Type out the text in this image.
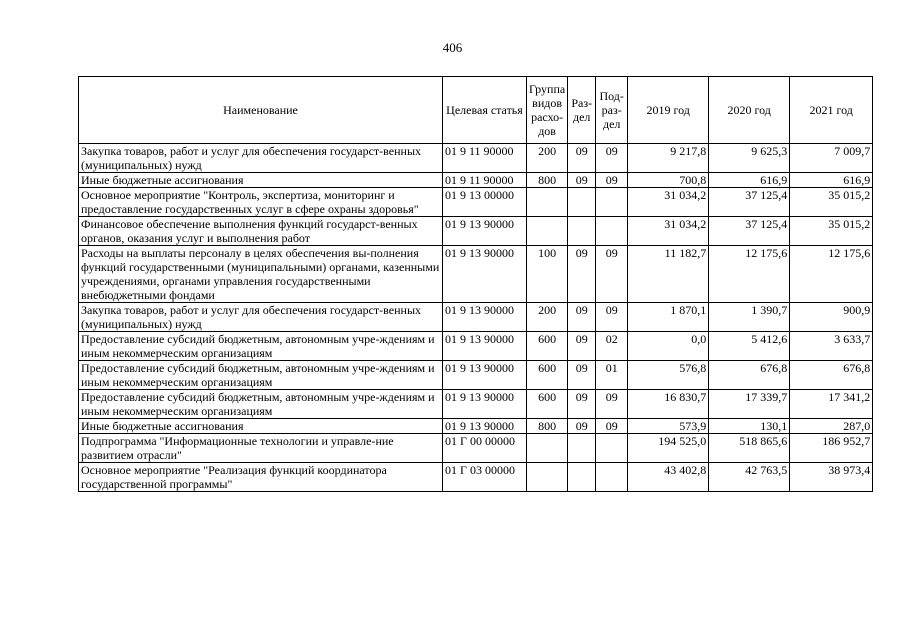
406
Наименование	Целевая статья	Группа видов расхо-дов	Раз-дел	Под-раз-дел	2019 год	2020 год	2021 год
Закупка товаров, работ и услуг для обеспечения государст-венных (муниципальных) нужд	01 9 11 90000	200	09	09	9 217,8	9 625,3	7 009,7
Иные бюджетные ассигнования	01 9 11 90000	800	09	09	700,8	616,9	616,9
Основное мероприятие "Контроль, экспертиза, мониторинг и предоставление государственных услуг в сфере охраны здоровья"	01 9 13 00000				31 034,2	37 125,4	35 015,2
Финансовое обеспечение выполнения функций государст-венных органов, оказания услуг и выполнения работ	01 9 13 90000				31 034,2	37 125,4	35 015,2
Расходы на выплаты персоналу в целях обеспечения вы-полнения функций государственными (муниципальными) органами, казенными учреждениями, органами управления государственными внебюджетными фондами	01 9 13 90000	100	09	09	11 182,7	12 175,6	12 175,6
Закупка товаров, работ и услуг для обеспечения государст-венных (муниципальных) нужд	01 9 13 90000	200	09	09	1 870,1	1 390,7	900,9
Предоставление субсидий бюджетным, автономным учре-ждениям и иным некоммерческим организациям	01 9 13 90000	600	09	02	0,0	5 412,6	3 633,7
Предоставление субсидий бюджетным, автономным учре-ждениям и иным некоммерческим организациям	01 9 13 90000	600	09	01	576,8	676,8	676,8
Предоставление субсидий бюджетным, автономным учре-ждениям и иным некоммерческим организациям	01 9 13 90000	600	09	09	16 830,7	17 339,7	17 341,2
Иные бюджетные ассигнования	01 9 13 90000	800	09	09	573,9	130,1	287,0
Подпрограмма "Информационные технологии и управле-ние развитием отрасли"	01 Г 00 00000				194 525,0	518 865,6	186 952,7
Основное мероприятие "Реализация функций координатора государственной программы"	01 Г 03 00000				43 402,8	42 763,5	38 973,4
